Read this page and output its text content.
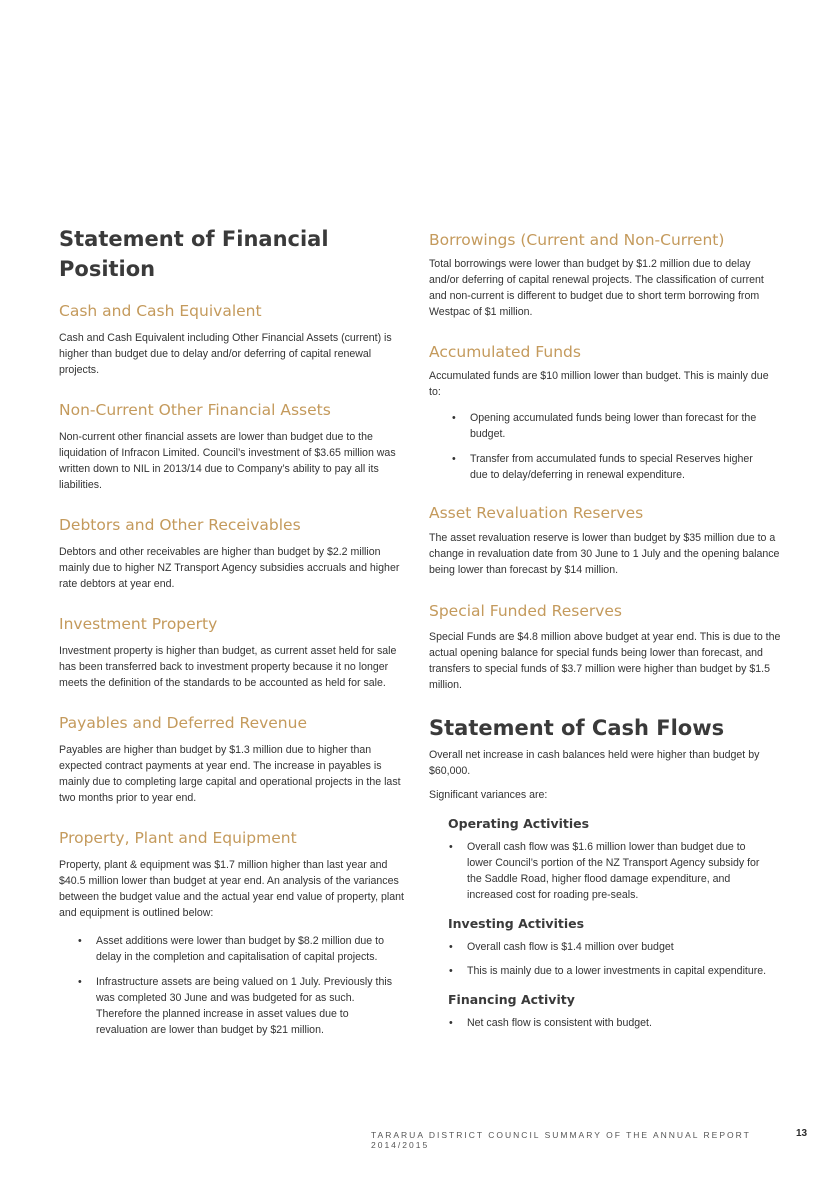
Statement of Financial Position
Cash and Cash Equivalent

Cash and Cash Equivalent including Other Financial Assets (current) is higher than budget due to delay and/or deferring of capital renewal projects.

Non-Current Other Financial Assets

Non-current other financial assets are lower than budget due to the liquidation of Infracon Limited. Council’s investment of $3.65 million was written down to NIL in 2013/14 due to Company’s ability to pay all its liabilities.

Debtors and Other Receivables

Debtors and other receivables are higher than budget by $2.2 million mainly due to higher NZ Transport Agency subsidies accruals and higher rate debtors at year end.

Investment Property

Investment property is higher than budget, as current asset held for sale has been transferred back to investment property because it no longer meets the definition of the standards to be accounted as held for sale.

Payables and Deferred Revenue

Payables are higher than budget by $1.3 million due to higher than expected contract payments at year end. The increase in payables is mainly due to completing large capital and operational projects in the last two months prior to year end.

Property, Plant and Equipment

Property, plant & equipment was $1.7 million higher than last year and $40.5 million lower than budget at year end. An analysis of the variances between the budget value and the actual year end value of property, plant and equipment is outlined below:

• Asset additions were lower than budget by $8.2 million due to delay in the completion and capitalisation of capital projects.
• Infrastructure assets are being valued on 1 July. Previously this was completed 30 June and was budgeted for as such. Therefore the planned increase in asset values due to revaluation are lower than budget by $21 million.
Borrowings (Current and Non-Current)

Total borrowings were lower than budget by $1.2 million due to delay and/or deferring of capital renewal projects. The classification of current and non-current is different to budget due to short term borrowing from Westpac of $1 million.

Accumulated Funds

Accumulated funds are $10 million lower than budget. This is mainly due to:

• Opening accumulated funds being lower than forecast for the budget.
• Transfer from accumulated funds to special Reserves higher due to delay/deferring in renewal expenditure.
Asset Revaluation Reserves

The asset revaluation reserve is lower than budget by $35 million due to a change in revaluation date from 30 June to 1 July and the opening balance being lower than forecast by $14 million.

Special Funded Reserves

Special Funds are $4.8 million above budget at year end. This is due to the actual opening balance for special funds being lower than forecast, and transfers to special funds of $3.7 million were higher than budget by $1.5 million.

Statement of Cash Flows

Overall net increase in cash balances held were higher than budget by $60,000.

Significant variances are:

Operating Activities
• Overall cash flow was $1.6 million lower than budget due to lower Council’s portion of the NZ Transport Agency subsidy for the Saddle Road, higher flood damage expenditure, and increased cost for roading pre-seals.
Investing Activities
• Overall cash flow is $1.4 million over budget
• This is mainly due to a lower investments in capital expenditure.
Financing Activity
• Net cash flow is consistent with budget.
TARARUA DISTRICT COUNCIL SUMMARY OF THE ANNUAL REPORT 2014/2015
13
